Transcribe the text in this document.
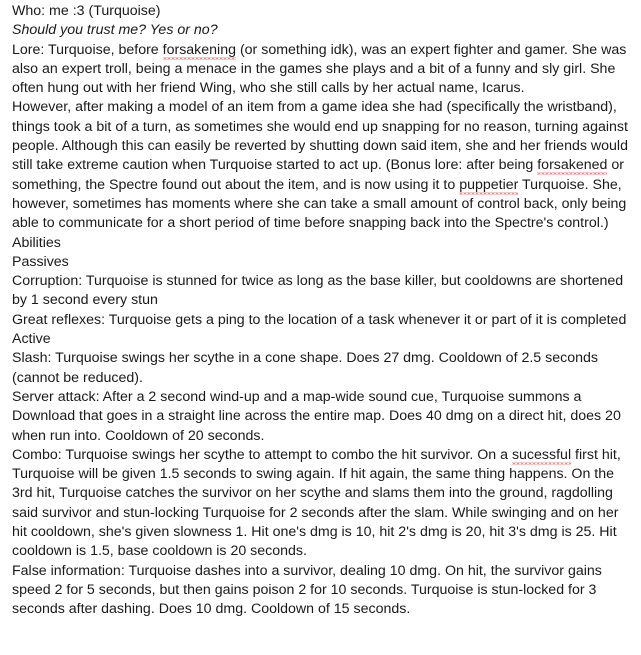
Who: me :3 (Turquoise)

Should you trust me? Yes or no?

Lore: Turquoise, before forsakening (or something idk), was an expert fighter and gamer. She was also an expert troll, being a menace in the games she plays and a bit of a funny and sly girl. She often hung out with her friend Wing, who she still calls by her actual name, Icarus.

However, after making a model of an item from a game idea she had (specifically the wristband), things took a bit of a turn, as sometimes she would end up snapping for no reason, turning against people. Although this can easily be reverted by shutting down said item, she and her friends would still take extreme caution when Turquoise started to act up. (Bonus lore: after being forsakened or something, the Spectre found out about the item, and is now using it to puppetier Turquoise. She, however, sometimes has moments where she can take a small amount of control back, only being able to communicate for a short period of time before snapping back into the Spectre's control.)

Abilities

Passives

Corruption: Turquoise is stunned for twice as long as the base killer, but cooldowns are shortened by 1 second every stun

Great reflexes: Turquoise gets a ping to the location of a task whenever it or part of it is completed

Active

Slash: Turquoise swings her scythe in a cone shape. Does 27 dmg. Cooldown of 2.5 seconds (cannot be reduced).

Server attack: After a 2 second wind-up and a map-wide sound cue, Turquoise summons a Download that goes in a straight line across the entire map. Does 40 dmg on a direct hit, does 20 when run into. Cooldown of 20 seconds.

Combo: Turquoise swings her scythe to attempt to combo the hit survivor. On a sucessful first hit, Turquoise will be given 1.5 seconds to swing again. If hit again, the same thing happens. On the 3rd hit, Turquoise catches the survivor on her scythe and slams them into the ground, ragdolling said survivor and stun-locking Turquoise for 2 seconds after the slam. While swinging and on her hit cooldown, she's given slowness 1. Hit one's dmg is 10, hit 2's dmg is 20, hit 3's dmg is 25. Hit cooldown is 1.5, base cooldown is 20 seconds.

False information: Turquoise dashes into a survivor, dealing 10 dmg. On hit, the survivor gains speed 2 for 5 seconds, but then gains poison 2 for 10 seconds. Turquoise is stun-locked for 3 seconds after dashing. Does 10 dmg. Cooldown of 15 seconds.
